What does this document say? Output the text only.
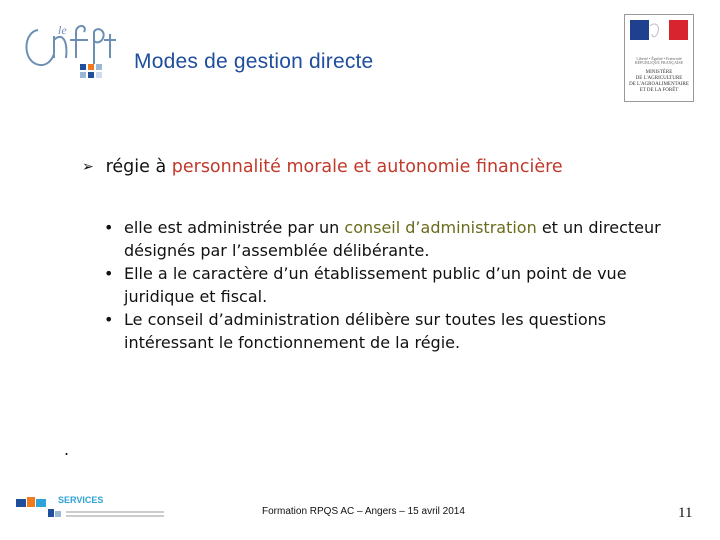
le
Modes de gestion directe	Liberté • Égalité • Fraternité
RÉPUBLIQUE FRANÇAISE
MINISTÈRE
DE L'AGRICULTURE
DE L'AGROALIMENTAIRE
ET DE LA FORÊT
➢ régie à personnalité morale et autonomie financière
• elle est administrée par un conseil d’administration et un directeur désignés par l’assemblée délibérante.
• Elle a le caractère d’un établissement public d’un point de vue juridique et fiscal.
• Le conseil d’administration délibère sur toutes les questions intéressant le fonctionnement de la régie.
.
SERVICES
Formation RPQS AC – Angers – 15 avril 2014	11
